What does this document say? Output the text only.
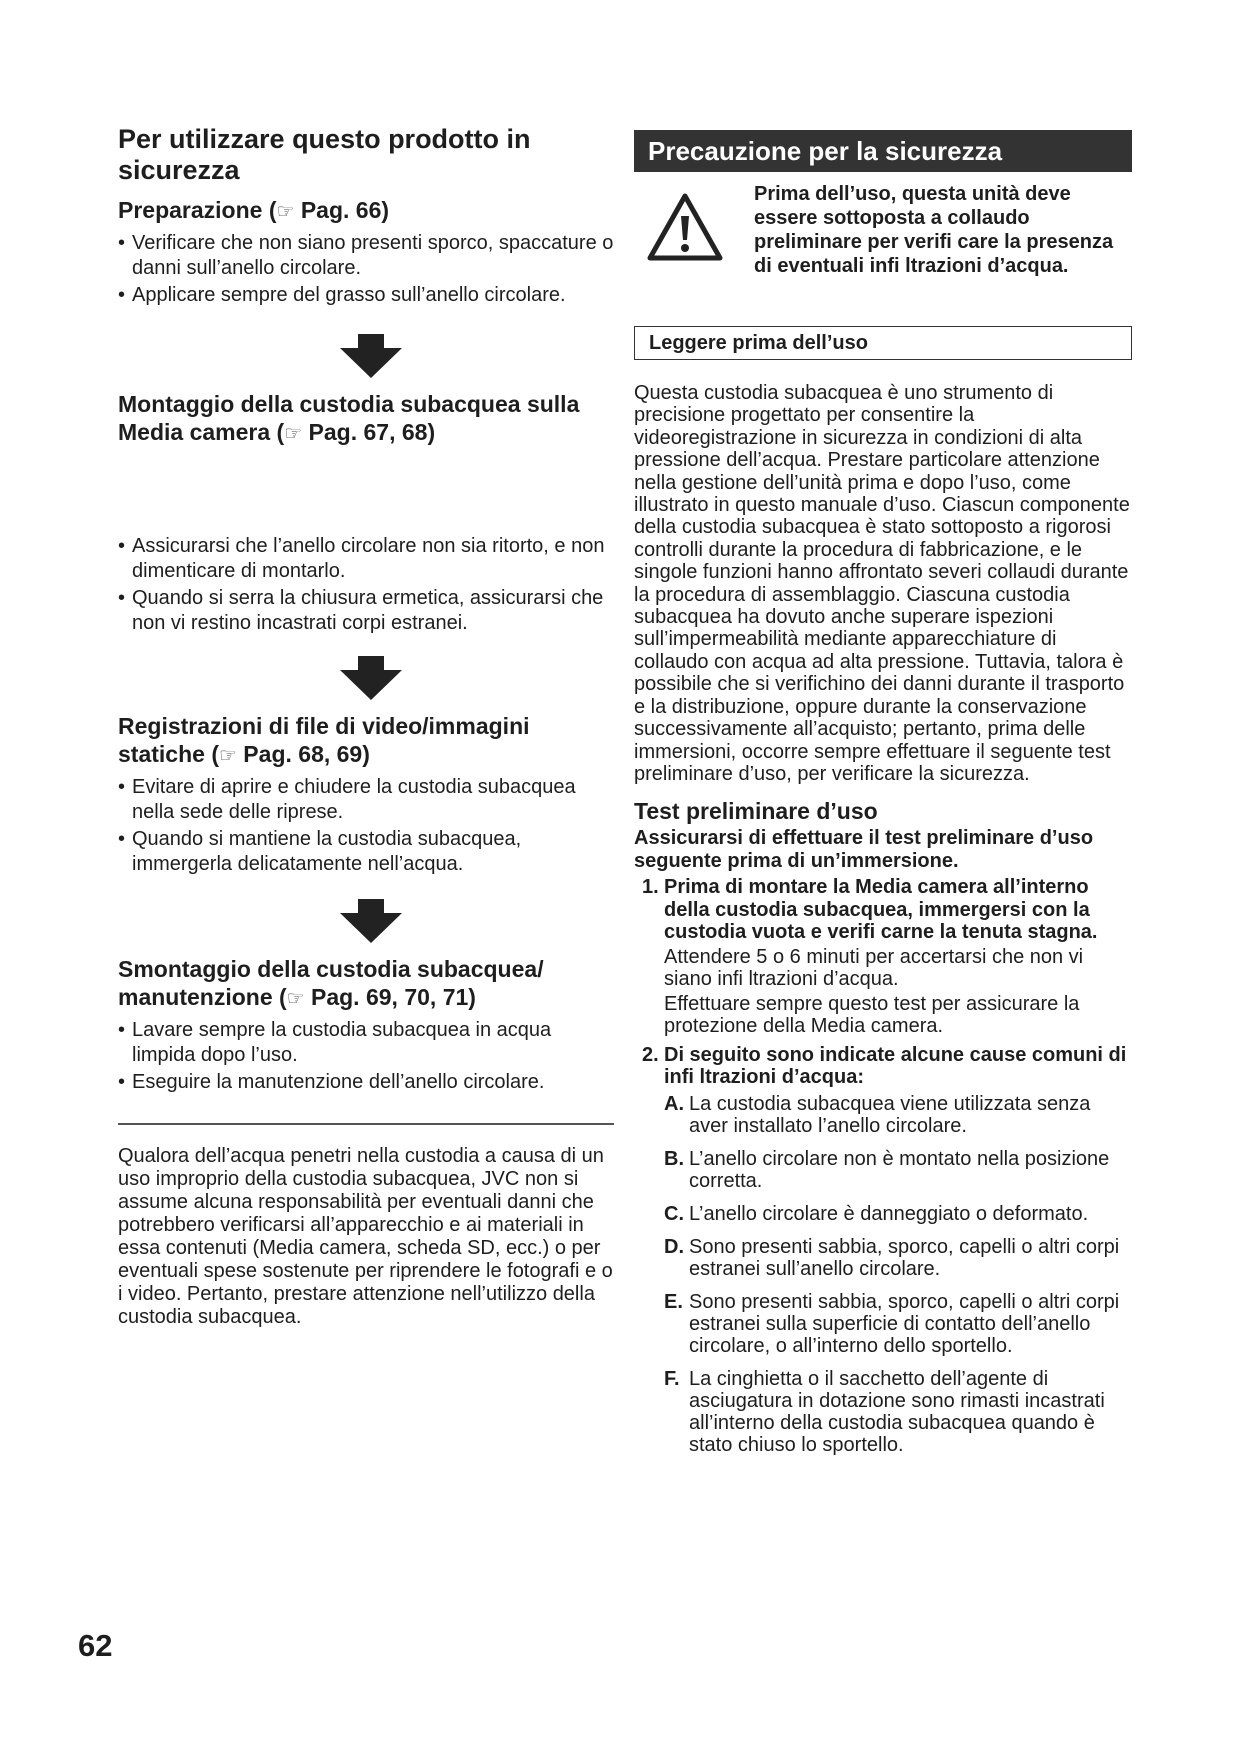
Per utilizzare questo prodotto in sicurezza
Preparazione (☞ Pag. 66)
• Verificare che non siano presenti sporco, spaccature o danni sull’anello circolare.
• Applicare sempre del grasso sull’anello circolare.
Montaggio della custodia subacquea sulla Media camera (☞ Pag. 67, 68)
• Assicurarsi che l’anello circolare non sia ritorto, e non dimenticare di montarlo.
• Quando si serra la chiusura ermetica, assicurarsi che non vi restino incastrati corpi estranei.
Registrazioni di file di video/immagini statiche (☞ Pag. 68, 69)
• Evitare di aprire e chiudere la custodia subacquea nella sede delle riprese.
• Quando si mantiene la custodia subacquea, immergerla delicatamente nell’acqua.
Smontaggio della custodia subacquea/ manutenzione (☞ Pag. 69, 70, 71)
• Lavare sempre la custodia subacquea in acqua limpida dopo l’uso.
• Eseguire la manutenzione dell’anello circolare.

Qualora dell’acqua penetri nella custodia a causa di un uso improprio della custodia subacquea, JVC non si assume alcuna responsabilità per eventuali danni che potrebbero verificarsi all’apparecchio e ai materiali in essa contenuti (Media camera, scheda SD, ecc.) o per eventuali spese sostenute per riprendere le fotografi e o i video. Pertanto, prestare attenzione nell’utilizzo della custodia subacquea.

Precauzione per la sicurezza
Prima dell’uso, questa unità deve essere sottoposta a collaudo preliminare per verifi care la presenza di eventuali infi ltrazioni d’acqua.
Leggere prima dell’uso

Questa custodia subacquea è uno strumento di precisione progettato per consentire la videoregistrazione in sicurezza in condizioni di alta pressione dell’acqua. Prestare particolare attenzione nella gestione dell’unità prima e dopo l’uso, come illustrato in questo manuale d’uso. Ciascun componente della custodia subacquea è stato sottoposto a rigorosi controlli durante la procedura di fabbricazione, e le singole funzioni hanno affrontato severi collaudi durante la procedura di assemblaggio. Ciascuna custodia subacquea ha dovuto anche superare ispezioni sull’impermeabilità mediante apparecchiature di collaudo con acqua ad alta pressione. Tuttavia, talora è possibile che si verifichino dei danni durante il trasporto e la distribuzione, oppure durante la conservazione successivamente all’acquisto; pertanto, prima delle immersioni, occorre sempre effettuare il seguente test preliminare d’uso, per verificare la sicurezza.

Test preliminare d’uso

Assicurarsi di effettuare il test preliminare d’uso seguente prima di un’immersione.

1. Prima di montare la Media camera all’interno della custodia subacquea, immergersi con la custodia vuota e verifi carne la tenuta stagna.
Attendere 5 o 6 minuti per accertarsi che non vi siano infi ltrazioni d’acqua.
Effettuare sempre questo test per assicurare la protezione della Media camera.
2. Di seguito sono indicate alcune cause comuni di infi ltrazioni d’acqua:
A. La custodia subacquea viene utilizzata senza aver installato l’anello circolare.
B. L’anello circolare non è montato nella posizione corretta.
C. L’anello circolare è danneggiato o deformato.
D. Sono presenti sabbia, sporco, capelli o altri corpi estranei sull’anello circolare.
E. Sono presenti sabbia, sporco, capelli o altri corpi estranei sulla superficie di contatto dell’anello circolare, o all’interno dello sportello.
F. La cinghietta o il sacchetto dell’agente di asciugatura in dotazione sono rimasti incastrati all’interno della custodia subacquea quando è stato chiuso lo sportello.
62
